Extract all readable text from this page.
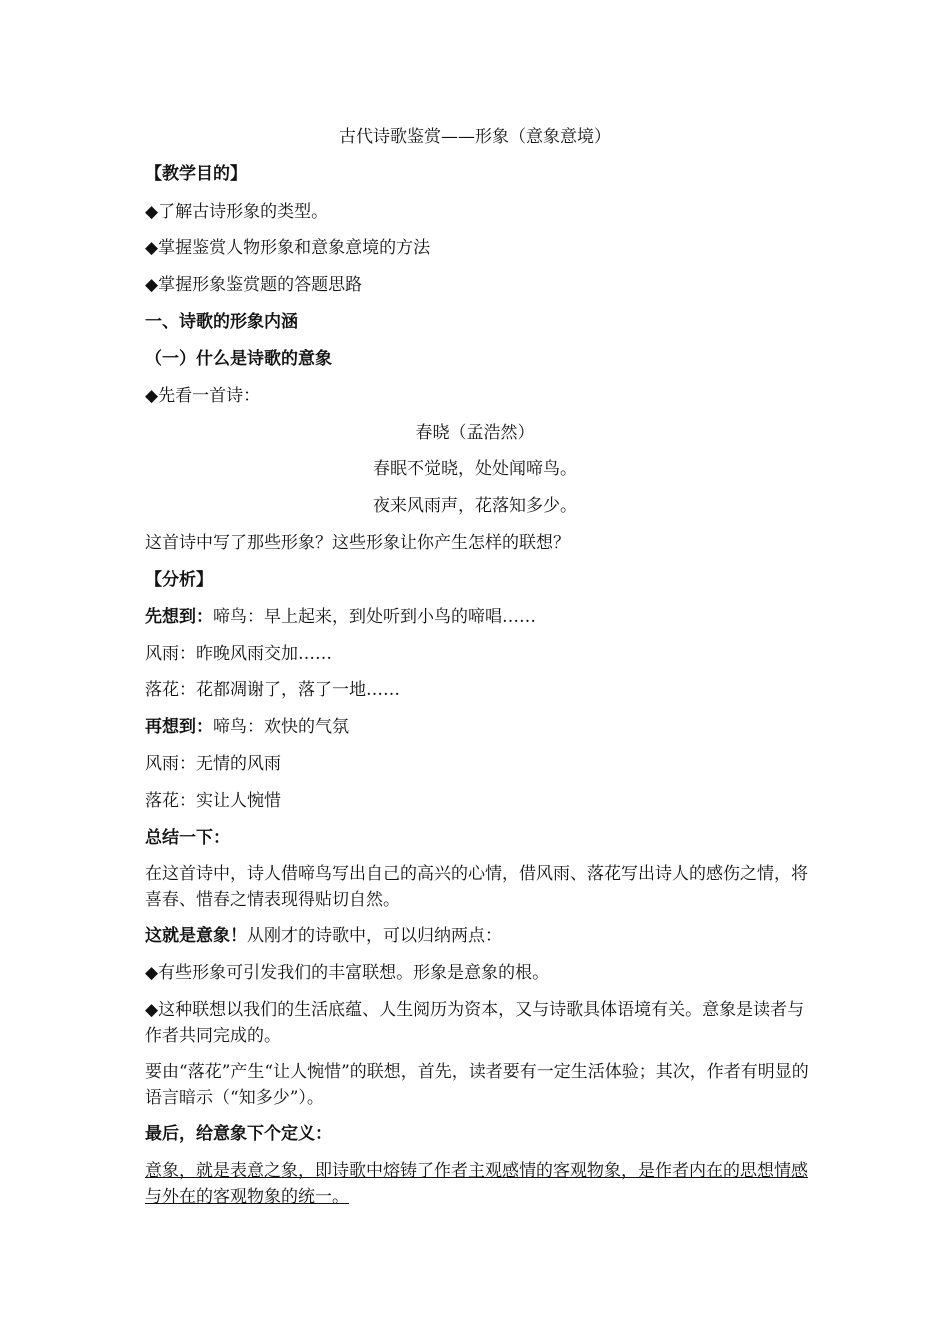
古代诗歌鉴赏——形象（意象意境）
【教学目的】
◆了解古诗形象的类型。
◆掌握鉴赏人物形象和意象意境的方法
◆掌握形象鉴赏题的答题思路
一、诗歌的形象内涵
（一）什么是诗歌的意象
◆先看一首诗：
春晓（孟浩然）
春眠不觉晓，处处闻啼鸟。
夜来风雨声，花落知多少。
这首诗中写了那些形象？这些形象让你产生怎样的联想？
【分析】
先想到：啼鸟：早上起来，到处听到小鸟的啼唱……
风雨：昨晚风雨交加……
落花：花都凋谢了，落了一地……
再想到：啼鸟：欢快的气氛
风雨：无情的风雨
落花：实让人惋惜
总结一下：
在这首诗中，诗人借啼鸟写出自己的高兴的心情，借风雨、落花写出诗人的感伤之情，将喜春、惜春之情表现得贴切自然。
这就是意象！从刚才的诗歌中，可以归纳两点：
◆有些形象可引发我们的丰富联想。形象是意象的根。
◆这种联想以我们的生活底蕴、人生阅历为资本，又与诗歌具体语境有关。意象是读者与作者共同完成的。
要由“落花”产生“让人惋惜”的联想，首先，读者要有一定生活体验；其次，作者有明显的语言暗示（“知多少”）。
最后，给意象下个定义：
意象，就是表意之象，即诗歌中熔铸了作者主观感情的客观物象，是作者内在的思想情感与外在的客观物象的统一。
